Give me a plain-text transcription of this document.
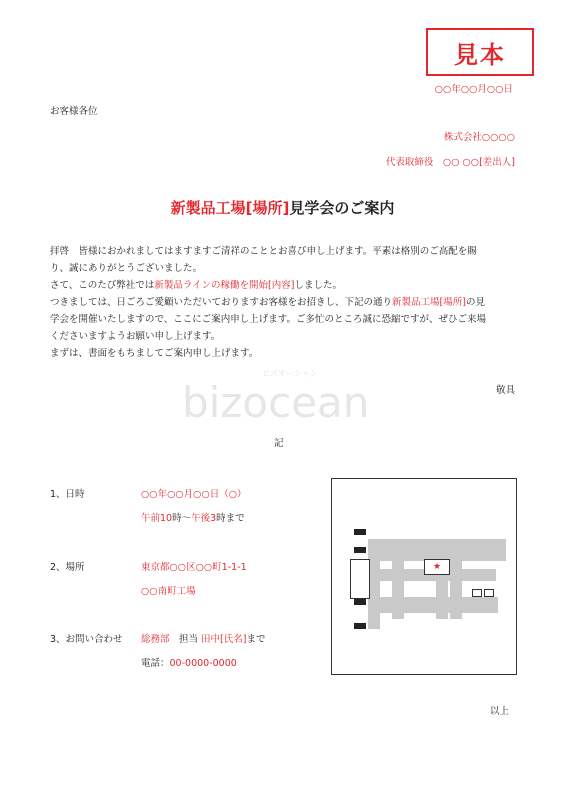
bizocean
ビズオーシャン
見本
○○年○○月○○日
お客様各位
株式会社○○○○
代表取締役　○○ ○○[差出人]
新製品工場[場所]見学会のご案内

拝啓　皆様におかれましてはますますご清祥のこととお喜び申し上げます。平素は格別のご高配を賜

り、誠にありがとうございました。

さて、このたび弊社では新製品ラインの稼働を開始[内容]しました。

つきましては、日ごろご愛顧いただいておりますお客様をお招きし、下記の通り新製品工場[場所]の見

学会を開催いたしますので、ここにご案内申し上げます。ご多忙のところ誠に恐縮ですが、ぜひご来場

くださいますようお願い申し上げます。

まずは、書面をもちましてご案内申し上げます。

敬具
記
1、日時	○○年○○月○○日（○）
午前10時〜午後3時まで
2、場所	東京都○○区○○町1-1-1
○○南町工場
3、お問い合わせ 総務部　担当 田中[氏名]まで
電話：00-0000-0000
★
以上
